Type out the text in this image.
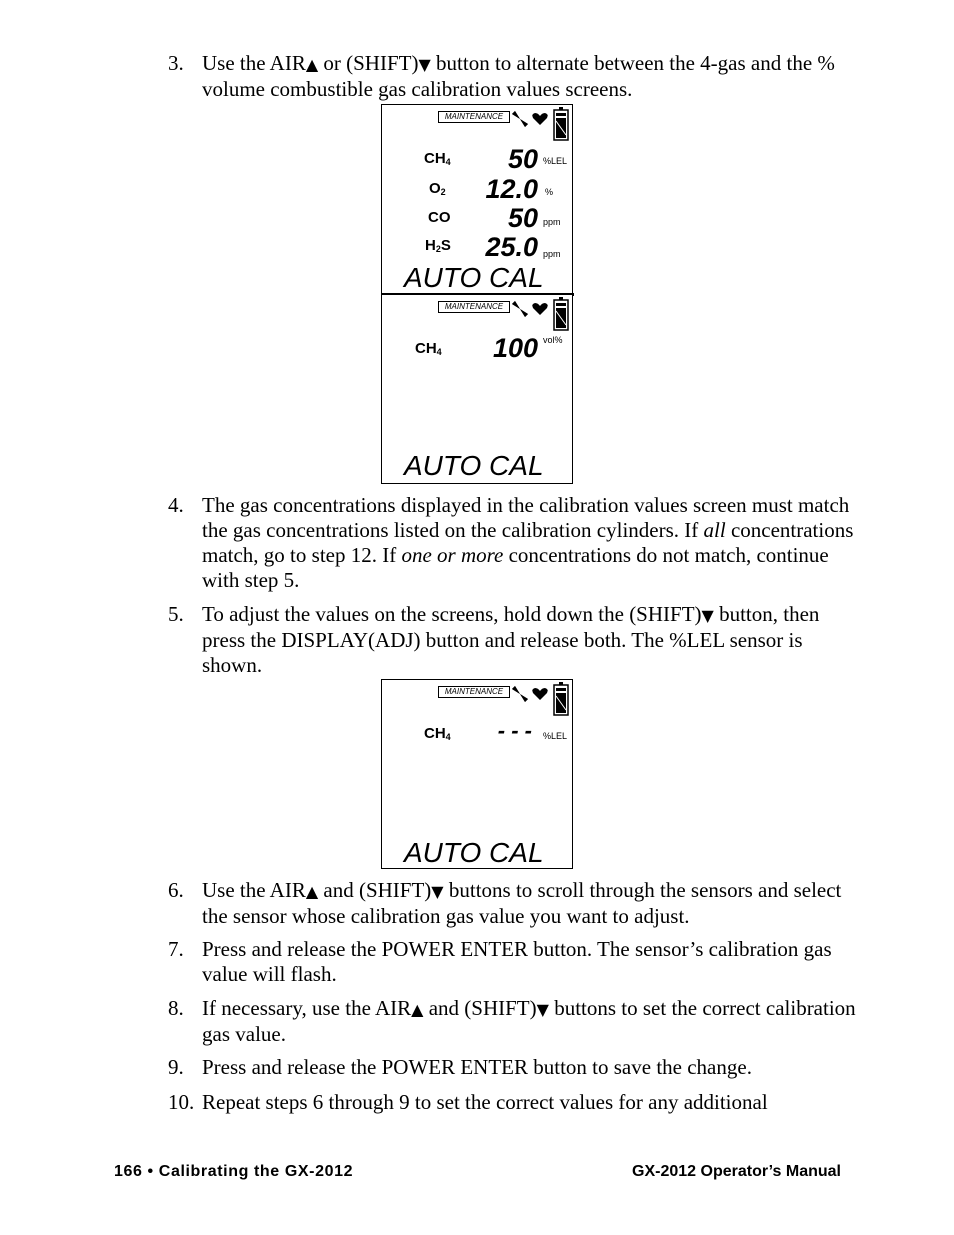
3. Use the AIR▲ or (SHIFT)▼ button to alternate between the 4-gas and the % volume combustible gas calibration values screens.
MAINTENANCE
$CH_4$ 50 %LEL
$O_2$ 12.0 %
CO 50 ppm
$H_2S$ 25.0 ppm
AUTO CAL
MAINTENANCE
$CH_4$ 100 vol%
AUTO CAL
4. The gas concentrations displayed in the calibration values screen must match the gas concentrations listed on the calibration cylinders. If all concentrations match, go to step 12. If one or more concentrations do not match, continue with step 5.
5. To adjust the values on the screens, hold down the (SHIFT)▼ button, then press the DISPLAY(ADJ) button and release both. The %LEL sensor is shown.
MAINTENANCE
$CH_4$ - - - %LEL
AUTO CAL
6. Use the AIR▲ and (SHIFT)▼ buttons to scroll through the sensors and select the sensor whose calibration gas value you want to adjust.
7. Press and release the POWER ENTER button. The sensor’s calibration gas value will flash.
8. If necessary, use the AIR▲ and (SHIFT)▼ buttons to set the correct calibration gas value.
9. Press and release the POWER ENTER button to save the change.
10. Repeat steps 6 through 9 to set the correct values for any additional
166 • Calibrating the GX-2012	GX-2012 Operator’s Manual
